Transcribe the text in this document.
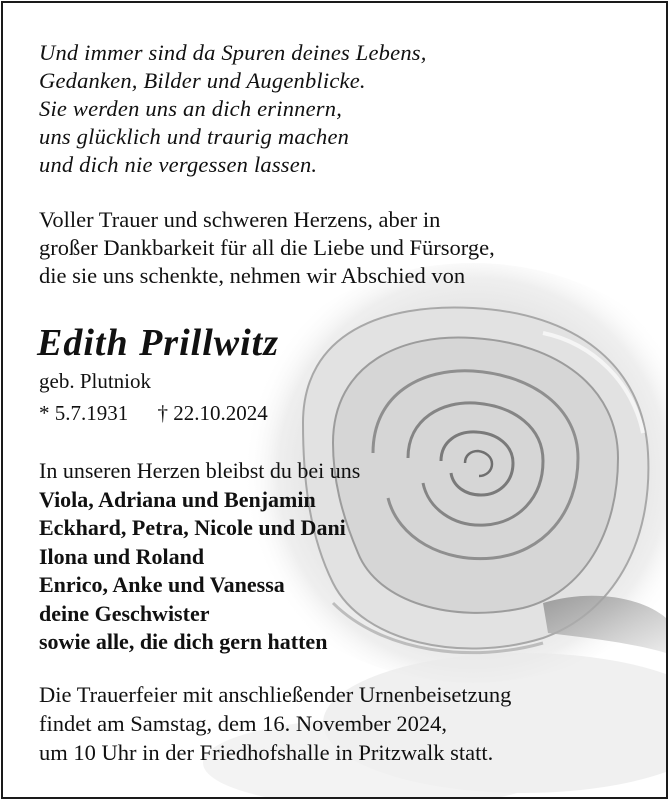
Und immer sind da Spuren deines Lebens,
Gedanken, Bilder und Augenblicke.
Sie werden uns an dich erinnern,
uns glücklich und traurig machen
und dich nie vergessen lassen.
Voller Trauer und schweren Herzens, aber in
großer Dankbarkeit für all die Liebe und Fürsorge,
die sie uns schenkte, nehmen wir Abschied von
Edith Prillwitz
geb. Plutniok
* 5.7.1931 † 22.10.2024
In unseren Herzen bleibst du bei uns
Viola, Adriana und Benjamin
Eckhard, Petra, Nicole und Dani
Ilona und Roland
Enrico, Anke und Vanessa
deine Geschwister
sowie alle, die dich gern hatten
Die Trauerfeier mit anschließender Urnenbeisetzung
findet am Samstag, dem 16. November 2024,
um 10 Uhr in der Friedhofshalle in Pritzwalk statt.
